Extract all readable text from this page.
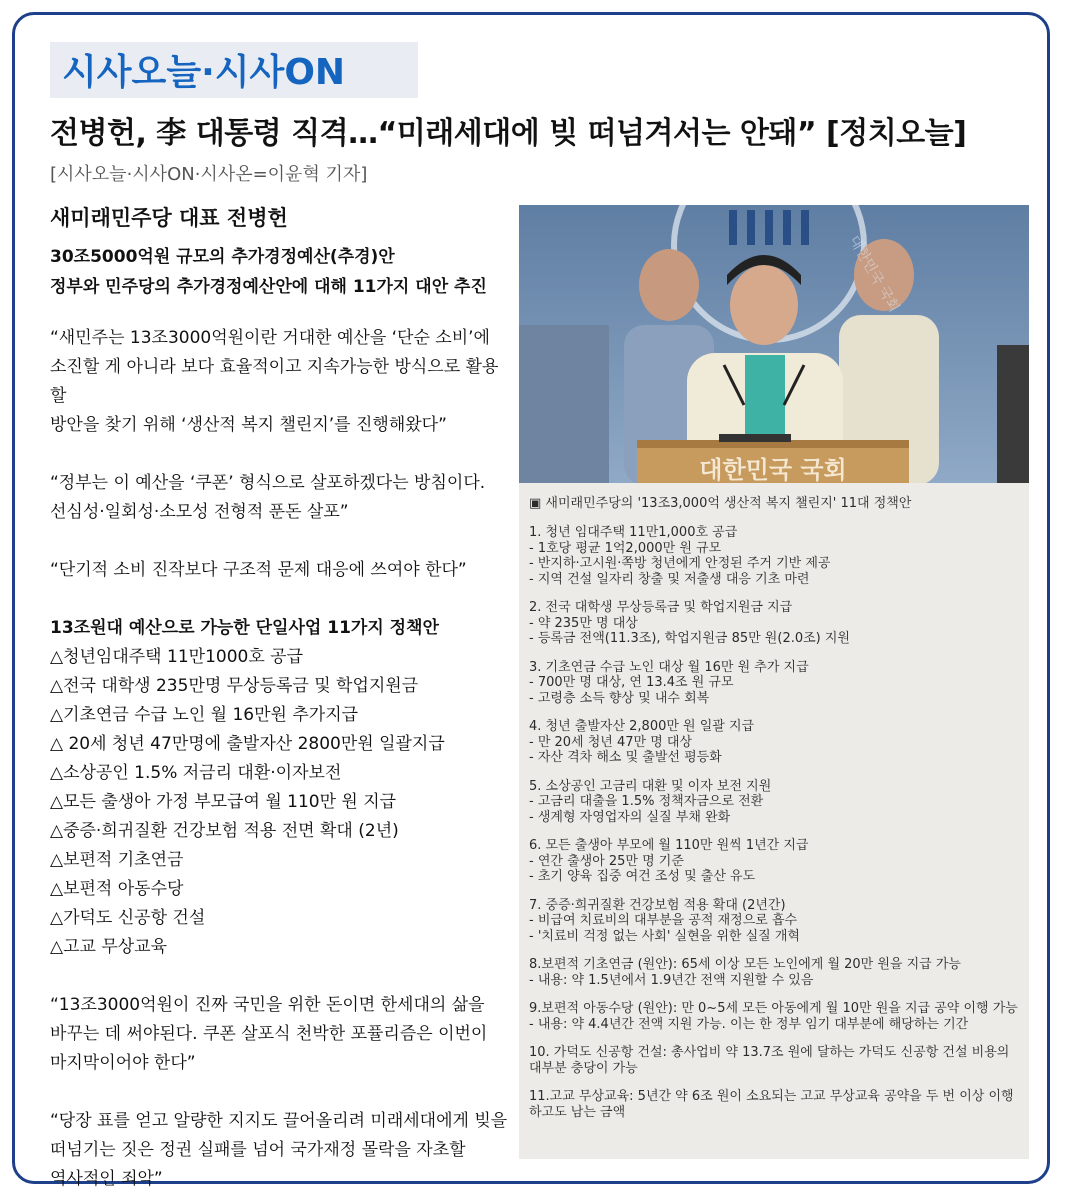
시사오늘·시사ON
전병헌, 李 대통령 직격…“미래세대에 빚 떠넘겨서는 안돼” [정치오늘]
[시사오늘·시사ON·시사온=이윤혁 기자]

새미래민주당 대표 전병헌

30조5000억원 규모의 추가경정예산(추경)안

정부와 민주당의 추가경정예산안에 대해 11가지 대안 추진

“새민주는 13조3000억원이란 거대한 예산을 ‘단순 소비’에

소진할 게 아니라 보다 효율적이고 지속가능한 방식으로 활용할

방안을 찾기 위해 ‘생산적 복지 챌린지’를 진행해왔다”

“정부는 이 예산을 ‘쿠폰’ 형식으로 살포하겠다는 방침이다.

선심성·일회성·소모성 전형적 푼돈 살포”

“단기적 소비 진작보다 구조적 문제 대응에 쓰여야 한다”

13조원대 예산으로 가능한 단일사업 11가지 정책안

△청년임대주택 11만1000호 공급
△전국 대학생 235만명 무상등록금 및 학업지원금
△기초연금 수급 노인 월 16만원 추가지급
△ 20세 청년 47만명에 출발자산 2800만원 일괄지급
△소상공인 1.5% 저금리 대환·이자보전
△모든 출생아 가정 부모급여 월 110만 원 지급
△중증·희귀질환 건강보험 적용 전면 확대 (2년)
△보편적 기초연금
△보편적 아동수당
△가덕도 신공항 건설
△고교 무상교육

“13조3000억원이 진짜 국민을 위한 돈이면 한세대의 삶을

바꾸는 데 써야된다. 쿠폰 살포식 천박한 포퓰리즘은 이번이

마지막이어야 한다”

“당장 표를 얻고 알량한 지지도 끌어올리려 미래세대에게 빚을

떠넘기는 짓은 정권 실패를 넘어 국가재정 몰락을 자초할

역사적인 죄악”

대한민국 국회
대한민국 국회
▣ 새미래민주당의 '13조3,000억 생산적 복지 챌린지' 11대 정책안
1. 청년 임대주택 11만1,000호 공급
- 1호당 평균 1억2,000만 원 규모
- 반지하·고시원·쪽방 청년에게 안정된 주거 기반 제공
- 지역 건설 일자리 창출 및 저출생 대응 기초 마련
2. 전국 대학생 무상등록금 및 학업지원금 지급
- 약 235만 명 대상
- 등록금 전액(11.3조), 학업지원금 85만 원(2.0조) 지원
3. 기초연금 수급 노인 대상 월 16만 원 추가 지급
- 700만 명 대상, 연 13.4조 원 규모
- 고령층 소득 향상 및 내수 회복
4. 청년 출발자산 2,800만 원 일괄 지급
- 만 20세 청년 47만 명 대상
- 자산 격차 해소 및 출발선 평등화
5. 소상공인 고금리 대환 및 이자 보전 지원
- 고금리 대출을 1.5% 정책자금으로 전환
- 생계형 자영업자의 실질 부채 완화
6. 모든 출생아 부모에 월 110만 원씩 1년간 지급
- 연간 출생아 25만 명 기준
- 초기 양육 집중 여건 조성 및 출산 유도
7. 중증·희귀질환 건강보험 적용 확대 (2년간)
- 비급여 치료비의 대부분을 공적 재정으로 흡수
- '치료비 걱정 없는 사회' 실현을 위한 실질 개혁
8.보편적 기초연금 (원안): 65세 이상 모든 노인에게 월 20만 원을 지급 가능
- 내용: 약 1.5년에서 1.9년간 전액 지원할 수 있음
9.보편적 아동수당 (원안): 만 0~5세 모든 아동에게 월 10만 원을 지급 공약 이행 가능
- 내용: 약 4.4년간 전액 지원 가능. 이는 한 정부 임기 대부분에 해당하는 기간
10. 가덕도 신공항 건설: 총사업비 약 13.7조 원에 달하는 가덕도 신공항 건설 비용의 대부분 충당이 가능
11.고교 무상교육: 5년간 약 6조 원이 소요되는 고교 무상교육 공약을 두 번 이상 이행하고도 남는 금액
